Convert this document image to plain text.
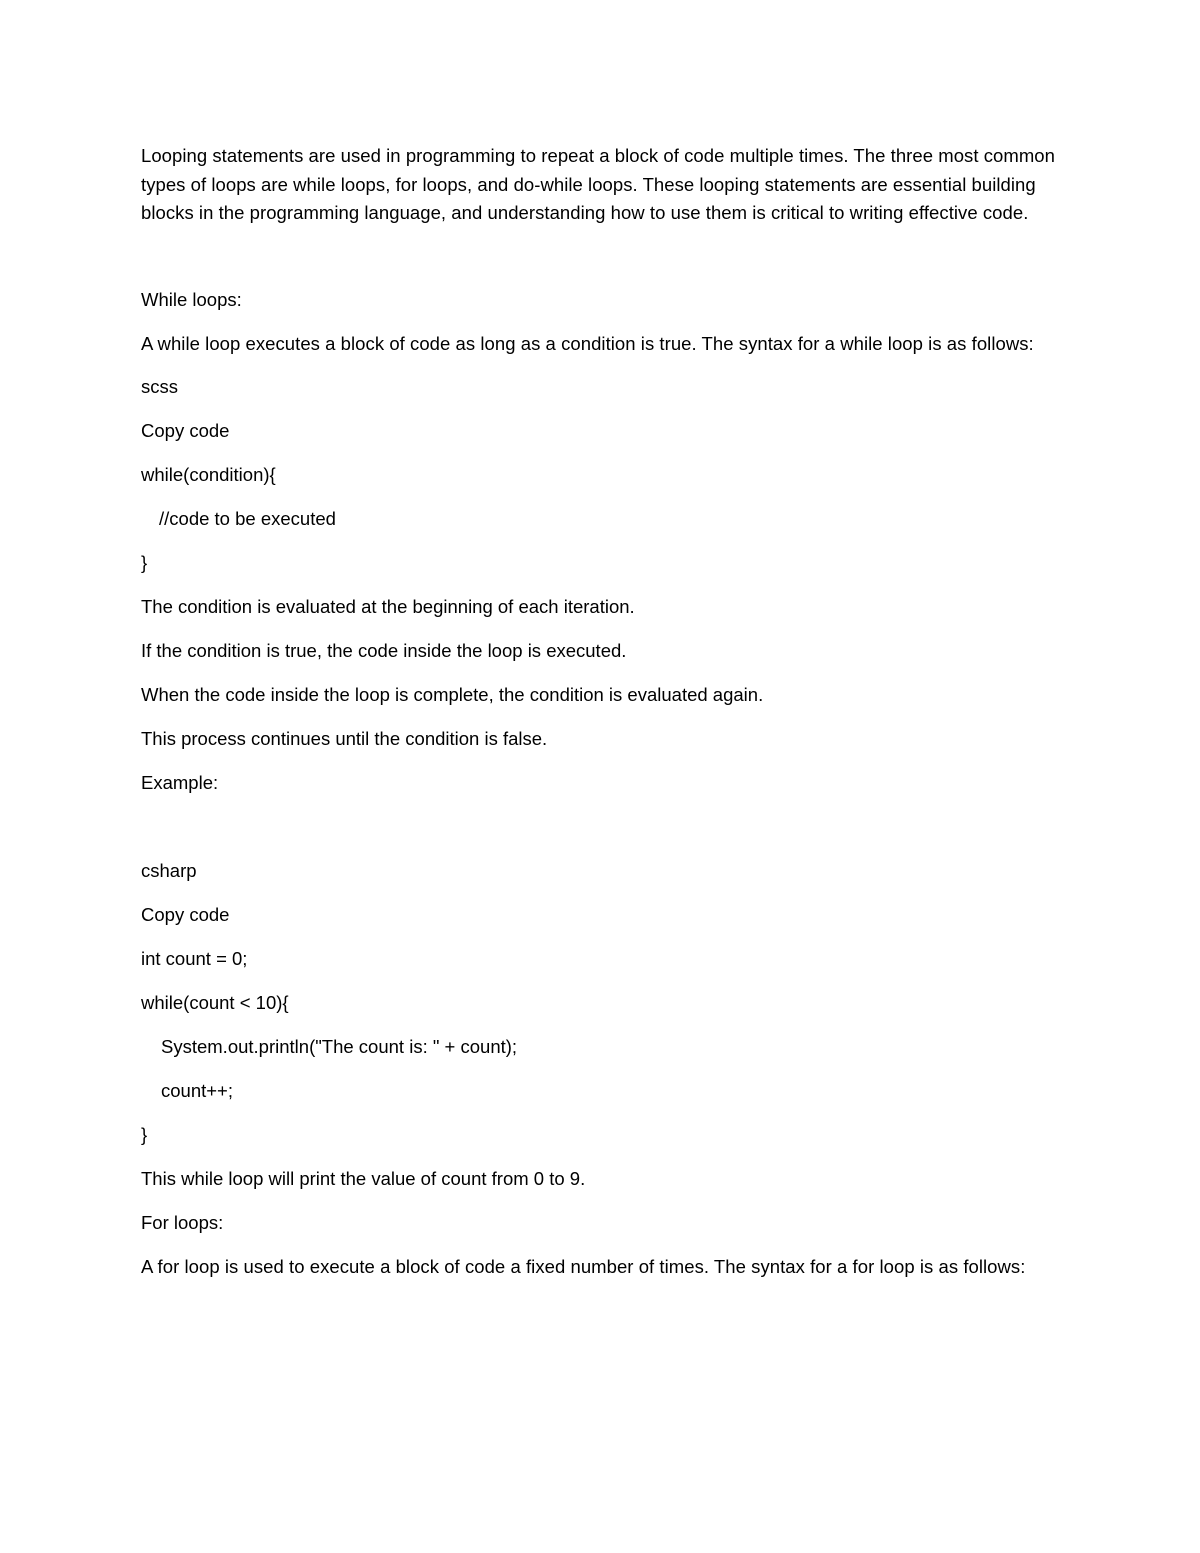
Looping statements are used in programming to repeat a block of code multiple times. The three most common types of loops are while loops, for loops, and do-while loops. These looping statements are essential building blocks in the programming language, and understanding how to use them is critical to writing effective code.

While loops:

A while loop executes a block of code as long as a condition is true. The syntax for a while loop is as follows:

scss

Copy code

while(condition){

//code to be executed

}

The condition is evaluated at the beginning of each iteration.

If the condition is true, the code inside the loop is executed.

When the code inside the loop is complete, the condition is evaluated again.

This process continues until the condition is false.

Example:

csharp

Copy code

int count = 0;

while(count < 10){

System.out.println("The count is: " + count);

count++;

}

This while loop will print the value of count from 0 to 9.

For loops:

A for loop is used to execute a block of code a fixed number of times. The syntax for a for loop is as follows:
